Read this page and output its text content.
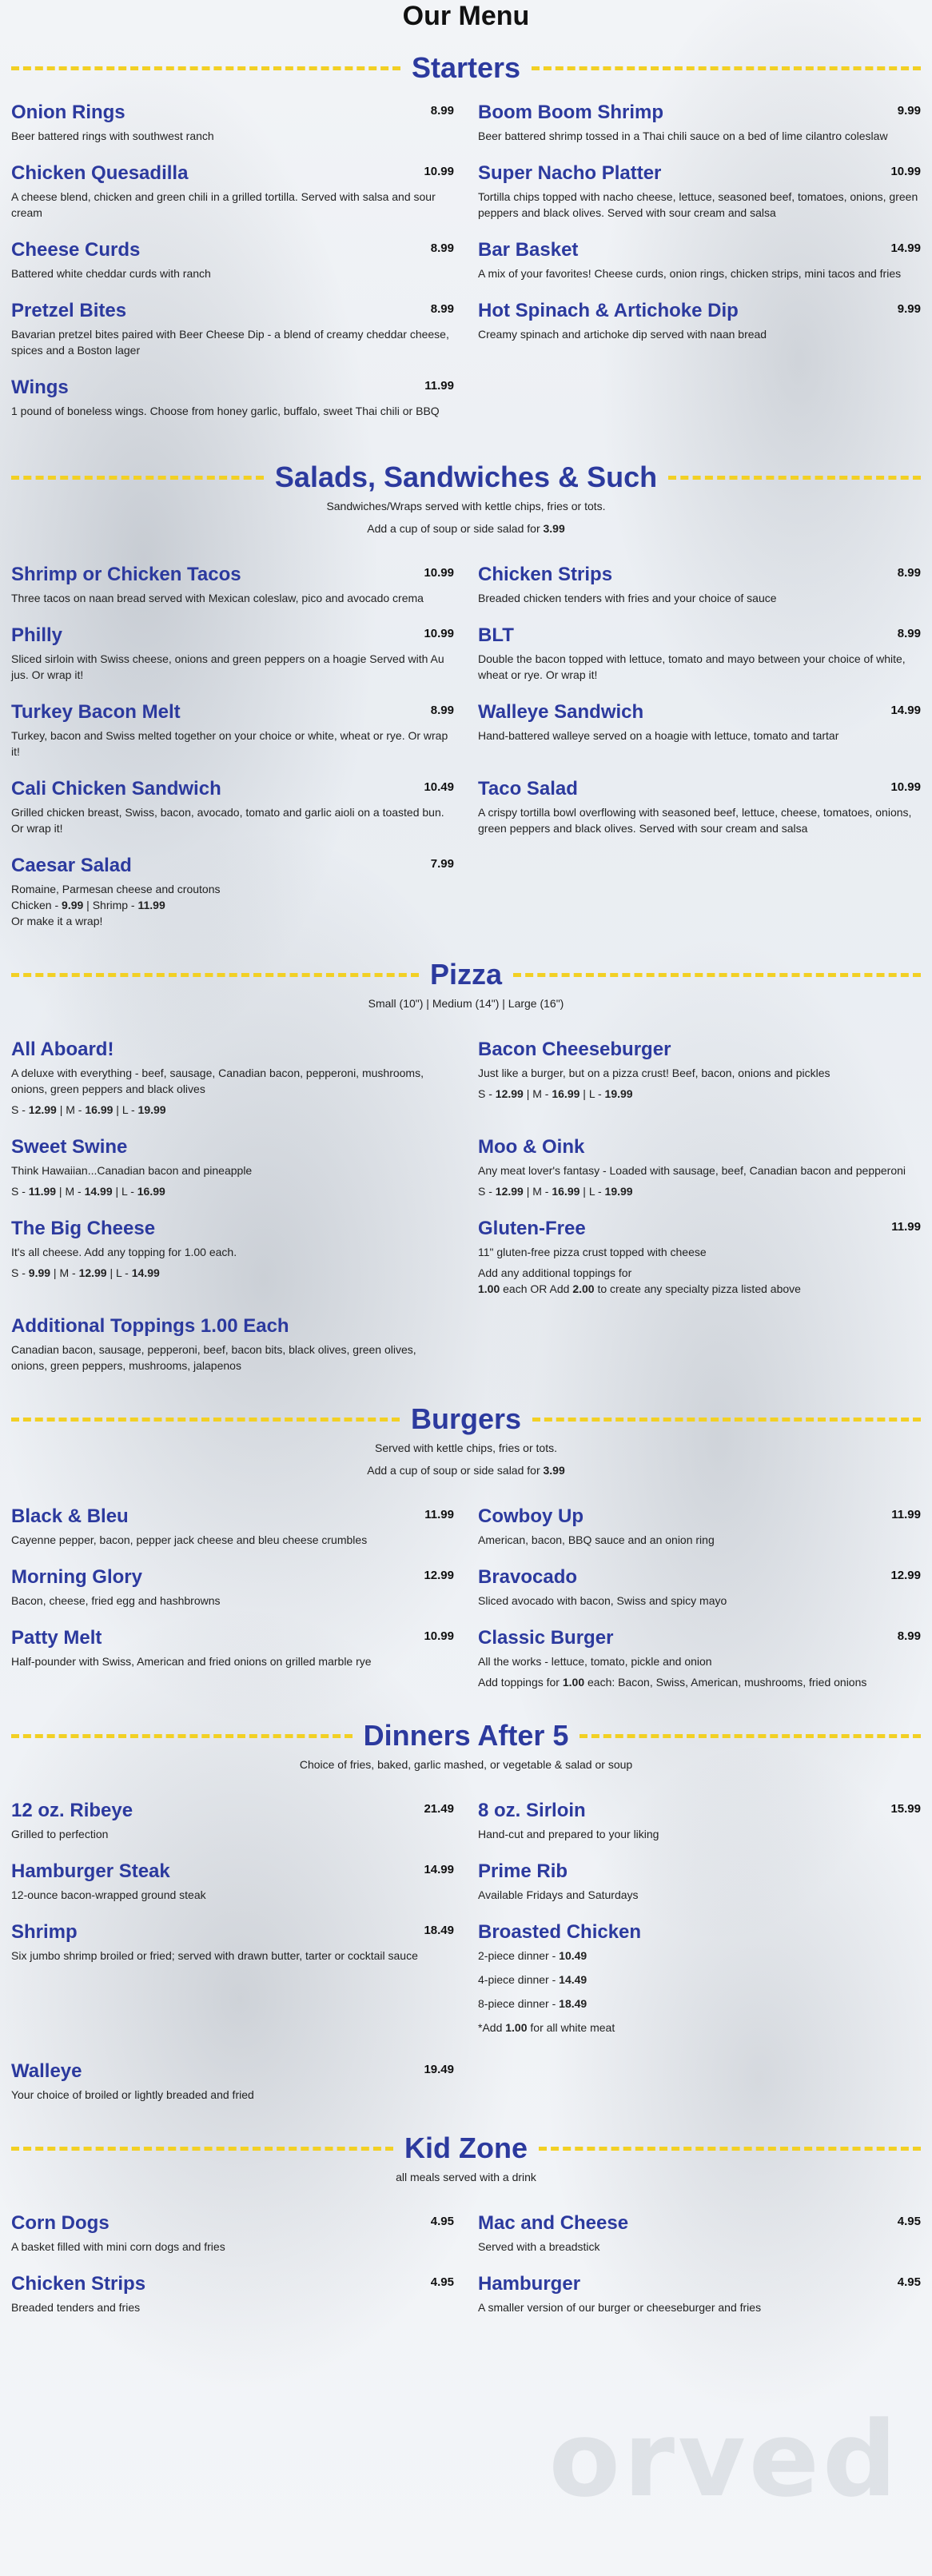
orved
Our Menu
Starters
Onion Rings	8.99
Beer battered rings with southwest ranch
Boom Boom Shrimp	9.99
Beer battered shrimp tossed in a Thai chili sauce on a bed of lime cilantro coleslaw
Chicken Quesadilla	10.99
A cheese blend, chicken and green chili in a grilled tortilla. Served with salsa and sour cream
Super Nacho Platter	10.99
Tortilla chips topped with nacho cheese, lettuce, seasoned beef, tomatoes, onions, green peppers and black olives. Served with sour cream and salsa
Cheese Curds	8.99
Battered white cheddar curds with ranch
Bar Basket	14.99
A mix of your favorites! Cheese curds, onion rings, chicken strips, mini tacos and fries
Pretzel Bites	8.99
Bavarian pretzel bites paired with Beer Cheese Dip - a blend of creamy cheddar cheese, spices and a Boston lager
Hot Spinach & Artichoke Dip	9.99
Creamy spinach and artichoke dip served with naan bread
Wings	11.99
1 pound of boneless wings. Choose from honey garlic, buffalo, sweet Thai chili or BBQ
Salads, Sandwiches & Such

Sandwiches/Wraps served with kettle chips, fries or tots.

Add a cup of soup or side salad for 3.99

Shrimp or Chicken Tacos	10.99
Three tacos on naan bread served with Mexican coleslaw, pico and avocado crema
Chicken Strips	8.99
Breaded chicken tenders with fries and your choice of sauce
Philly	10.99
Sliced sirloin with Swiss cheese, onions and green peppers on a hoagie Served with Au jus. Or wrap it!
BLT	8.99
Double the bacon topped with lettuce, tomato and mayo between your choice of white, wheat or rye. Or wrap it!
Turkey Bacon Melt	8.99
Turkey, bacon and Swiss melted together on your choice or white, wheat or rye. Or wrap it!
Walleye Sandwich	14.99
Hand-battered walleye served on a hoagie with lettuce, tomato and tartar
Cali Chicken Sandwich	10.49
Grilled chicken breast, Swiss, bacon, avocado, tomato and garlic aioli on a toasted bun. Or wrap it!
Taco Salad	10.99
A crispy tortilla bowl overflowing with seasoned beef, lettuce, cheese, tomatoes, onions, green peppers and black olives. Served with sour cream and salsa
Caesar Salad	7.99
Romaine, Parmesan cheese and croutons
Chicken - 9.99 | Shrimp - 11.99
Or make it a wrap!
Pizza

Small (10") | Medium (14") | Large (16")

All Aboard!
A deluxe with everything - beef, sausage, Canadian bacon, pepperoni, mushrooms, onions, green peppers and black olives
S - 12.99 | M - 16.99 | L - 19.99
Bacon Cheeseburger
Just like a burger, but on a pizza crust! Beef, bacon, onions and pickles
S - 12.99 | M - 16.99 | L - 19.99
Sweet Swine
Think Hawaiian...Canadian bacon and pineapple
S - 11.99 | M - 14.99 | L - 16.99
Moo & Oink
Any meat lover's fantasy - Loaded with sausage, beef, Canadian bacon and pepperoni
S - 12.99 | M - 16.99 | L - 19.99
The Big Cheese
It's all cheese. Add any topping for 1.00 each.
S - 9.99 | M - 12.99 | L - 14.99
Gluten-Free	11.99
11" gluten-free pizza crust topped with cheese
Add any additional toppings for
1.00 each OR Add 2.00 to create any specialty pizza listed above
Additional Toppings 1.00 Each
Canadian bacon, sausage, pepperoni, beef, bacon bits, black olives, green olives, onions, green peppers, mushrooms, jalapenos
Burgers

Served with kettle chips, fries or tots.

Add a cup of soup or side salad for 3.99

Black & Bleu	11.99
Cayenne pepper, bacon, pepper jack cheese and bleu cheese crumbles
Cowboy Up	11.99
American, bacon, BBQ sauce and an onion ring
Morning Glory	12.99
Bacon, cheese, fried egg and hashbrowns
Bravocado	12.99
Sliced avocado with bacon, Swiss and spicy mayo
Patty Melt	10.99
Half-pounder with Swiss, American and fried onions on grilled marble rye
Classic Burger	8.99
All the works - lettuce, tomato, pickle and onion
Add toppings for 1.00 each: Bacon, Swiss, American, mushrooms, fried onions
Dinners After 5

Choice of fries, baked, garlic mashed, or vegetable & salad or soup

12 oz. Ribeye	21.49
Grilled to perfection
8 oz. Sirloin	15.99
Hand-cut and prepared to your liking
Hamburger Steak	14.99
12-ounce bacon-wrapped ground steak
Prime Rib
Available Fridays and Saturdays
Shrimp	18.49
Six jumbo shrimp broiled or fried; served with drawn butter, tarter or cocktail sauce
Broasted Chicken
2-piece dinner - 10.49
4-piece dinner - 14.49
8-piece dinner - 18.49
*Add 1.00 for all white meat
Walleye	19.49
Your choice of broiled or lightly breaded and fried
Kid Zone

all meals served with a drink

Corn Dogs	4.95
A basket filled with mini corn dogs and fries
Mac and Cheese	4.95
Served with a breadstick
Chicken Strips	4.95
Breaded tenders and fries
Hamburger	4.95
A smaller version of our burger or cheeseburger and fries
